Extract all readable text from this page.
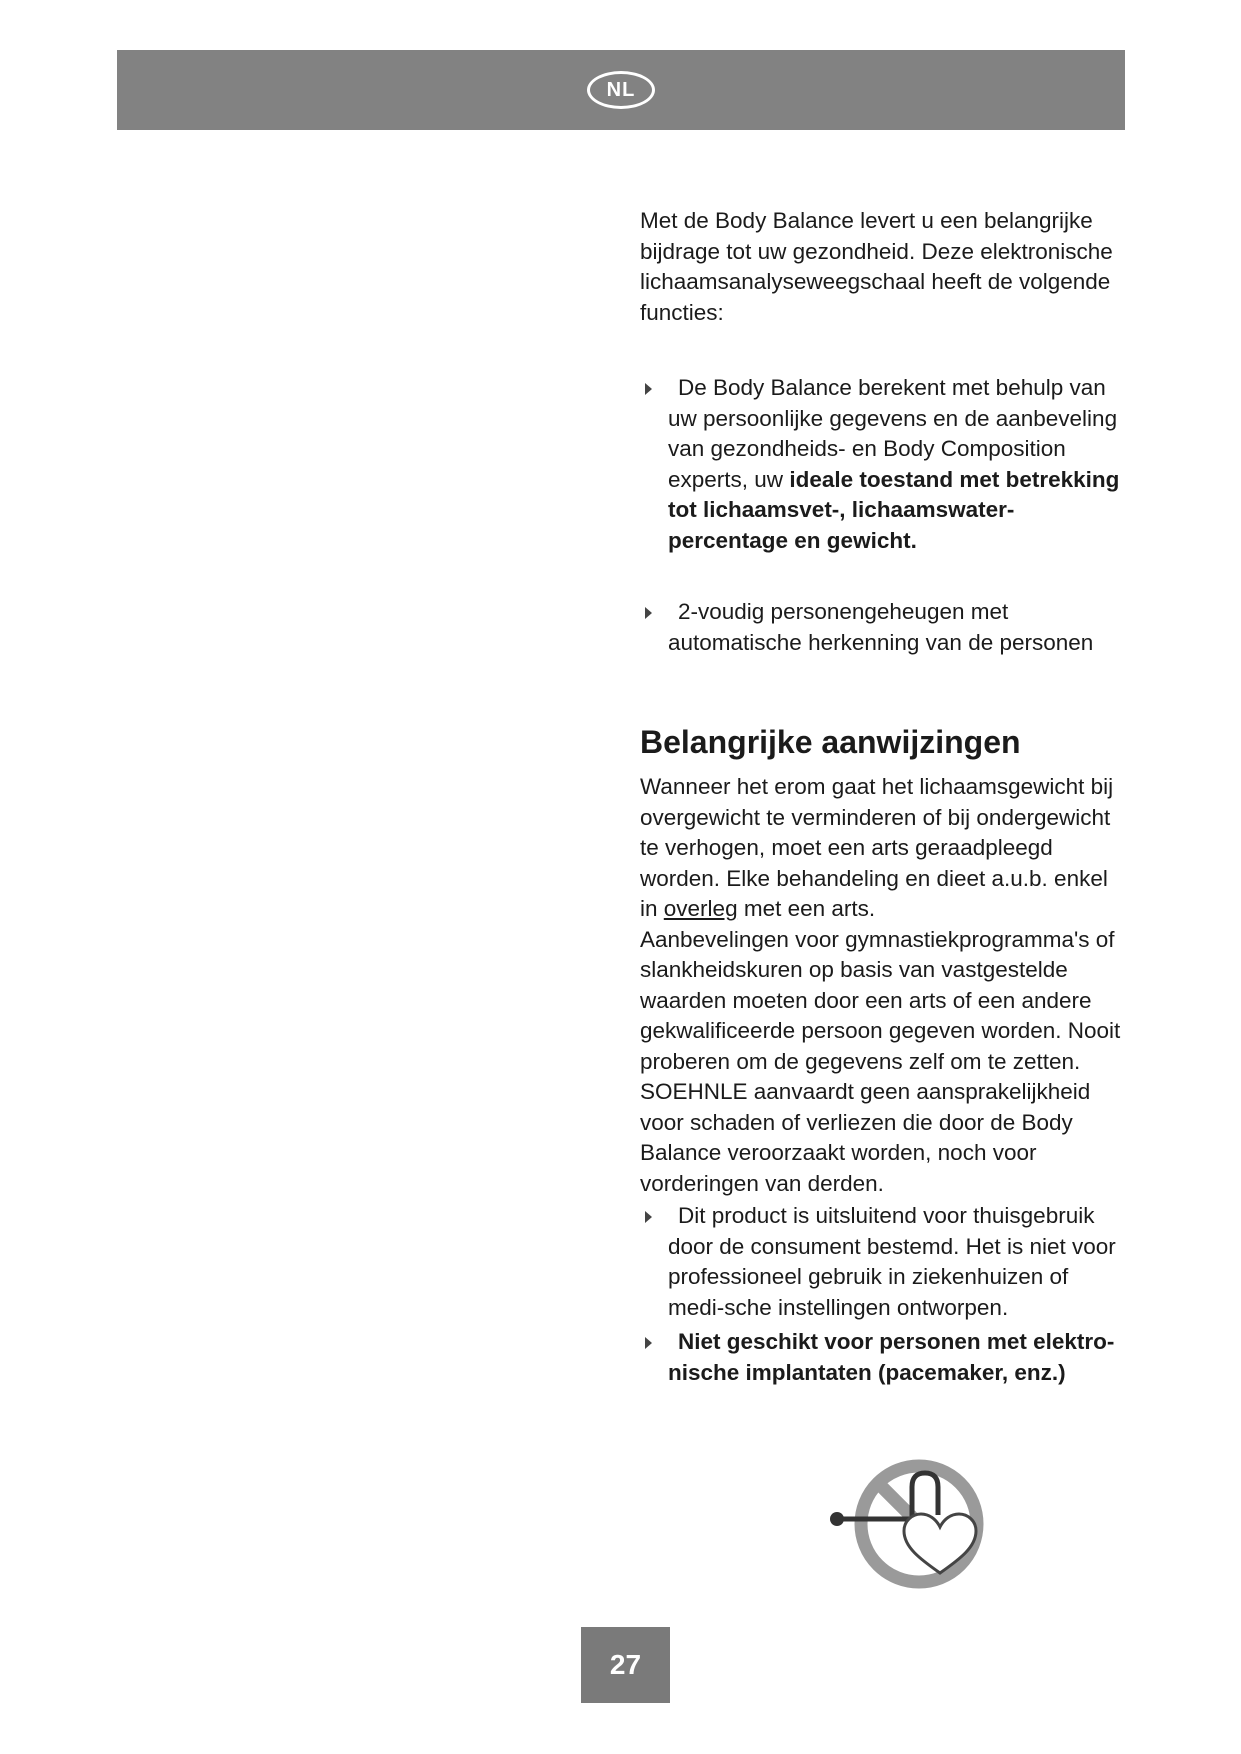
NL

Met de Body Balance levert u een belangrijke bijdrage tot uw gezondheid. Deze elektronische lichaamsanalyseweegschaal heeft de volgende functies:

De Body Balance berekent met behulp van uw persoonlijke gegevens en de aanbeveling van gezondheids- en Body Composition experts, uw ideale toestand met betrekking tot lichaamsvet-, lichaamswater-percentage en gewicht.
2-voudig personengeheugen met automatische herkenning van de personen
Belangrijke aanwijzingen

Wanneer het erom gaat het lichaamsgewicht bij overgewicht te verminderen of bij ondergewicht te verhogen, moet een arts geraadpleegd worden. Elke behandeling en dieet a.u.b. enkel in overleg met een arts.

Aanbevelingen voor gymnastiekprogramma's of slankheidskuren op basis van vastgestelde waarden moeten door een arts of een andere gekwalificeerde persoon gegeven worden. Nooit proberen om de gegevens zelf om te zetten. SOEHNLE aanvaardt geen aansprakelijkheid voor schaden of verliezen die door de Body Balance veroorzaakt worden, noch voor vorderingen van derden.

Dit product is uitsluitend voor thuisgebruik door de consument bestemd. Het is niet voor professioneel gebruik in ziekenhuizen of medi-sche instellingen ontworpen.
Niet geschikt voor personen met elektro-nische implantaten (pacemaker, enz.)
27
